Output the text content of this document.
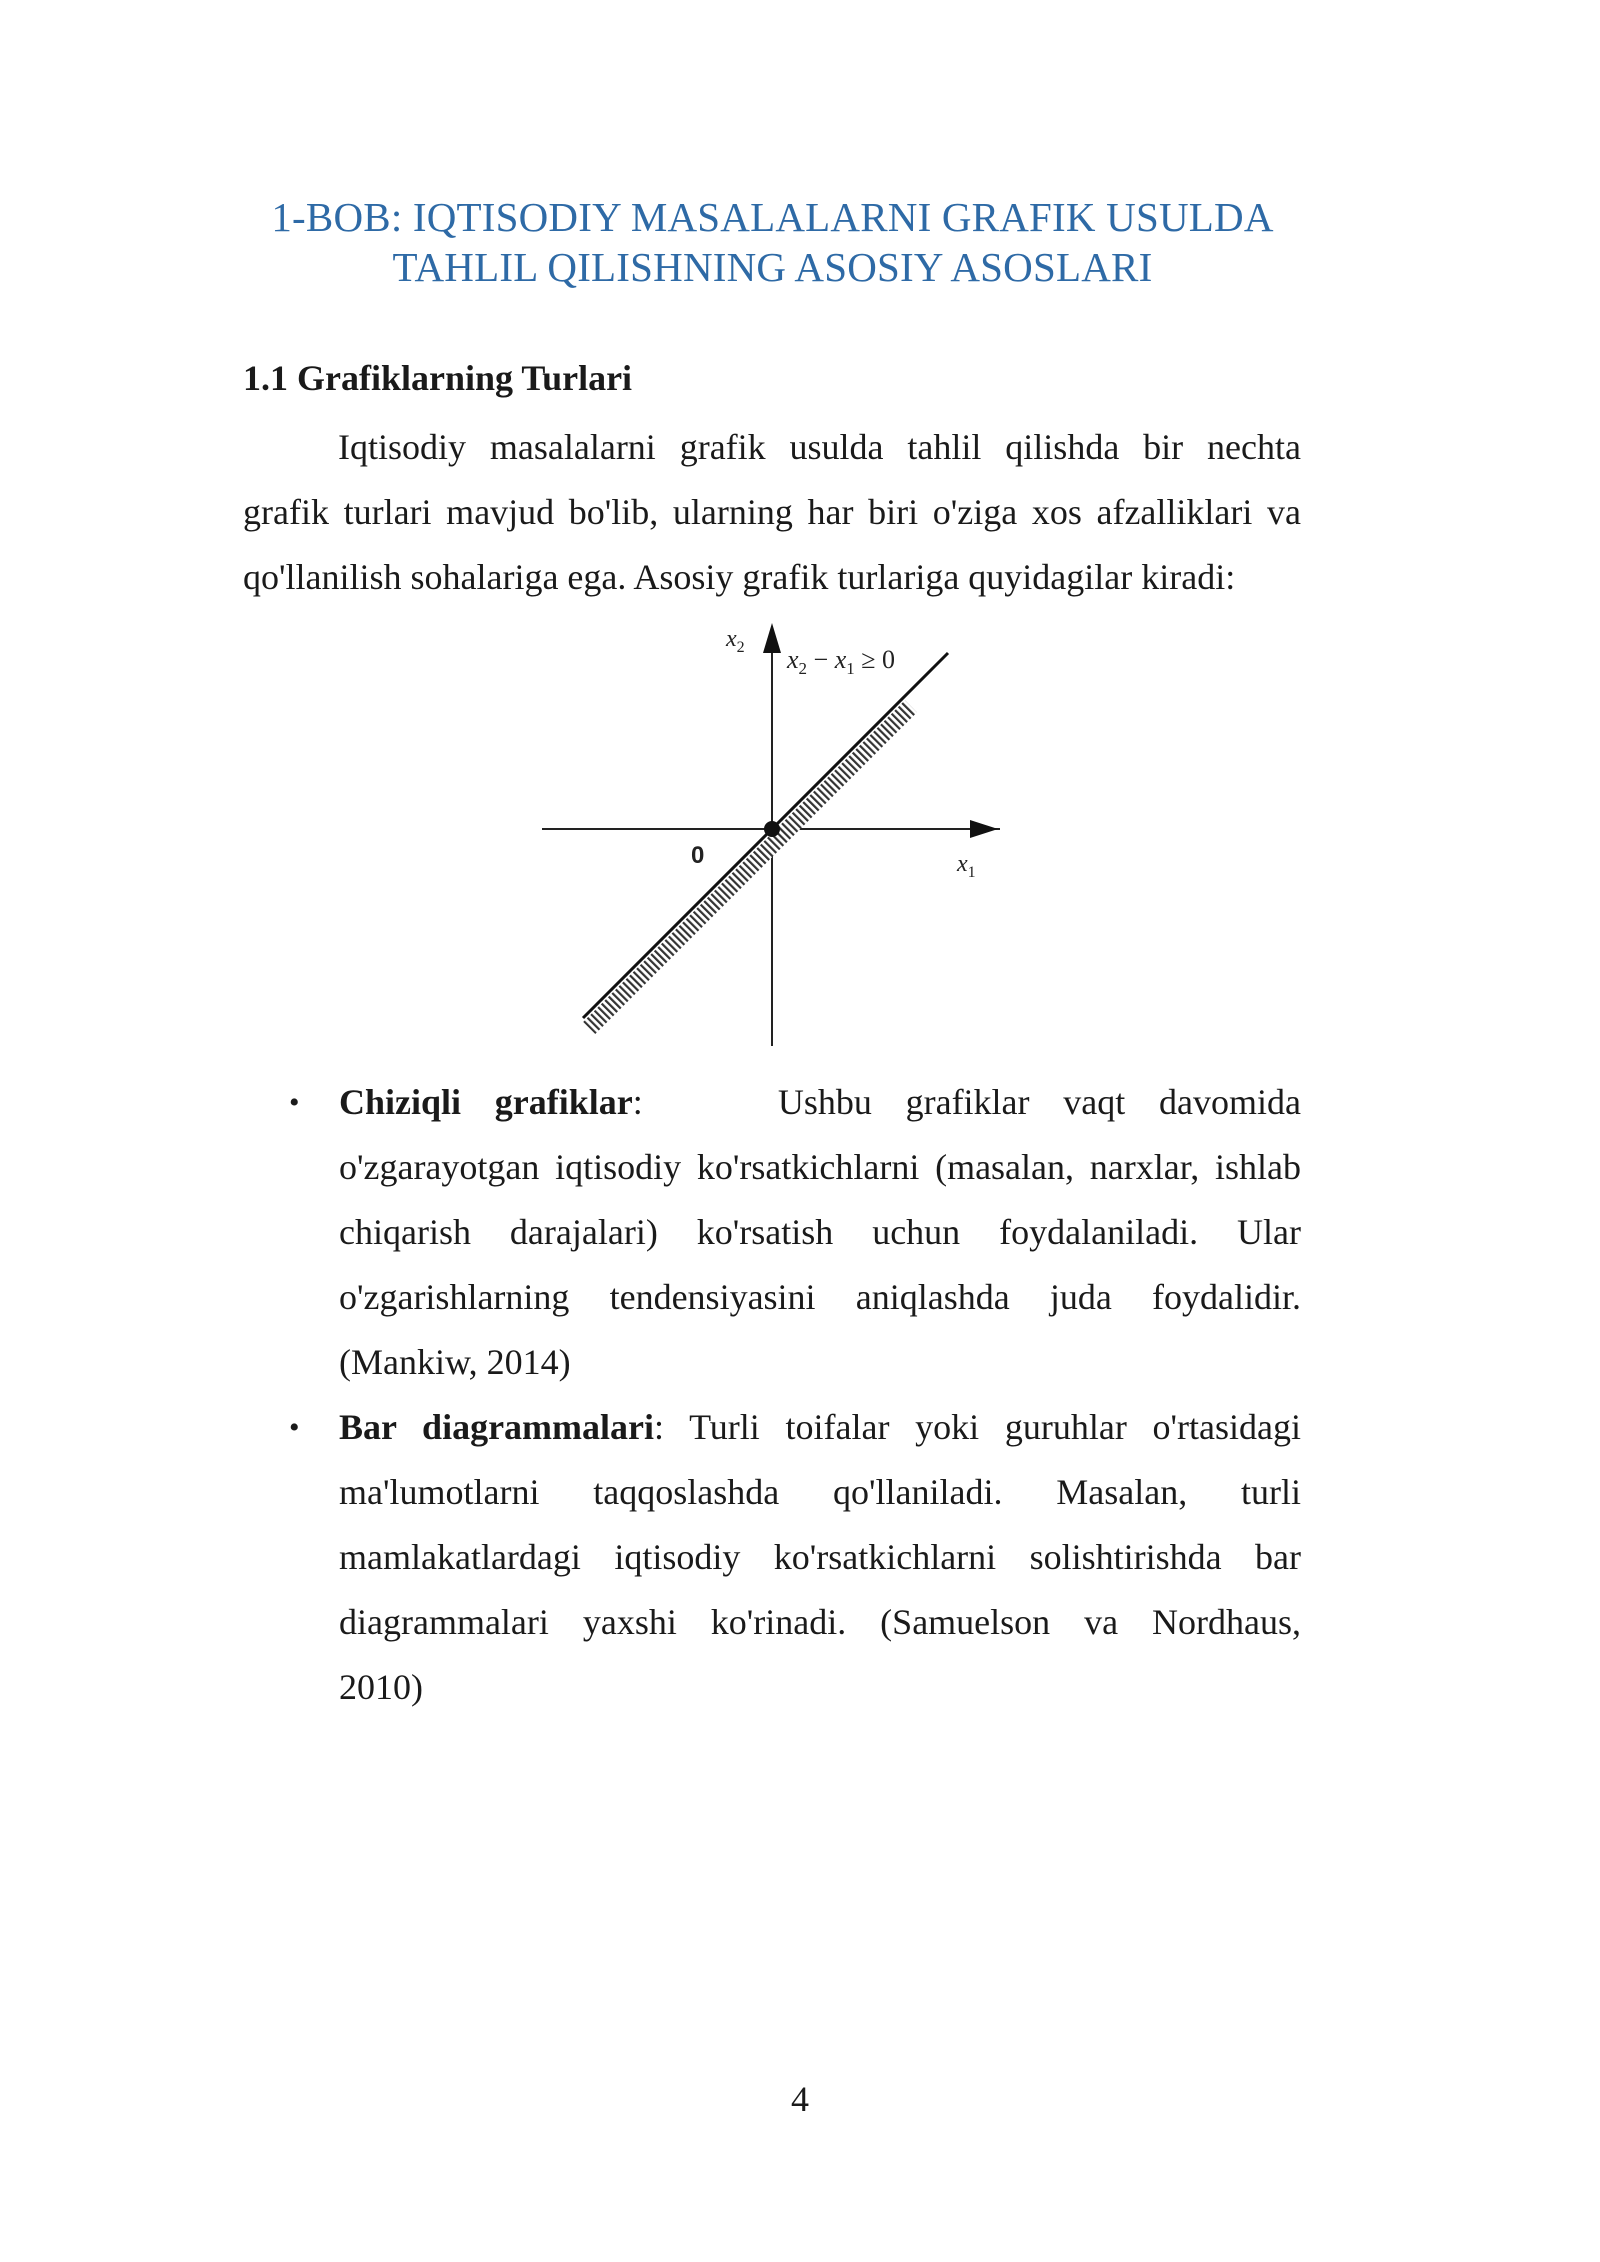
1-BOB: IQTISODIY MASALALARNI GRAFIK USULDA
TAHLIL QILISHNING ASOSIY ASOSLARI
1.1 Grafiklarning Turlari
Iqtisodiy masalalarni grafik usulda tahlil qilishda bir nechta
grafik turlari mavjud bo'lib, ularning har biri o'ziga xos afzalliklari va
qo'llanilish sohalariga ega. Asosiy grafik turlariga quyidagilar kiradi:
$x_2$ $x_2 - x_1 \ge 0$
0	$x_1$
• Chiziqli grafiklar:    Ushbu grafiklar vaqt davomida
o'zgarayotgan iqtisodiy ko'rsatkichlarni (masalan, narxlar, ishlab
chiqarish darajalari) ko'rsatish uchun foydalaniladi. Ular
o'zgarishlarning tendensiyasini aniqlashda juda foydalidir.
(Mankiw, 2014)
• Bar diagrammalari: Turli toifalar yoki guruhlar o'rtasidagi
ma'lumotlarni taqqoslashda qo'llaniladi. Masalan, turli
mamlakatlardagi iqtisodiy ko'rsatkichlarni solishtirishda bar
diagrammalari yaxshi ko'rinadi. (Samuelson va Nordhaus,
2010)
4
